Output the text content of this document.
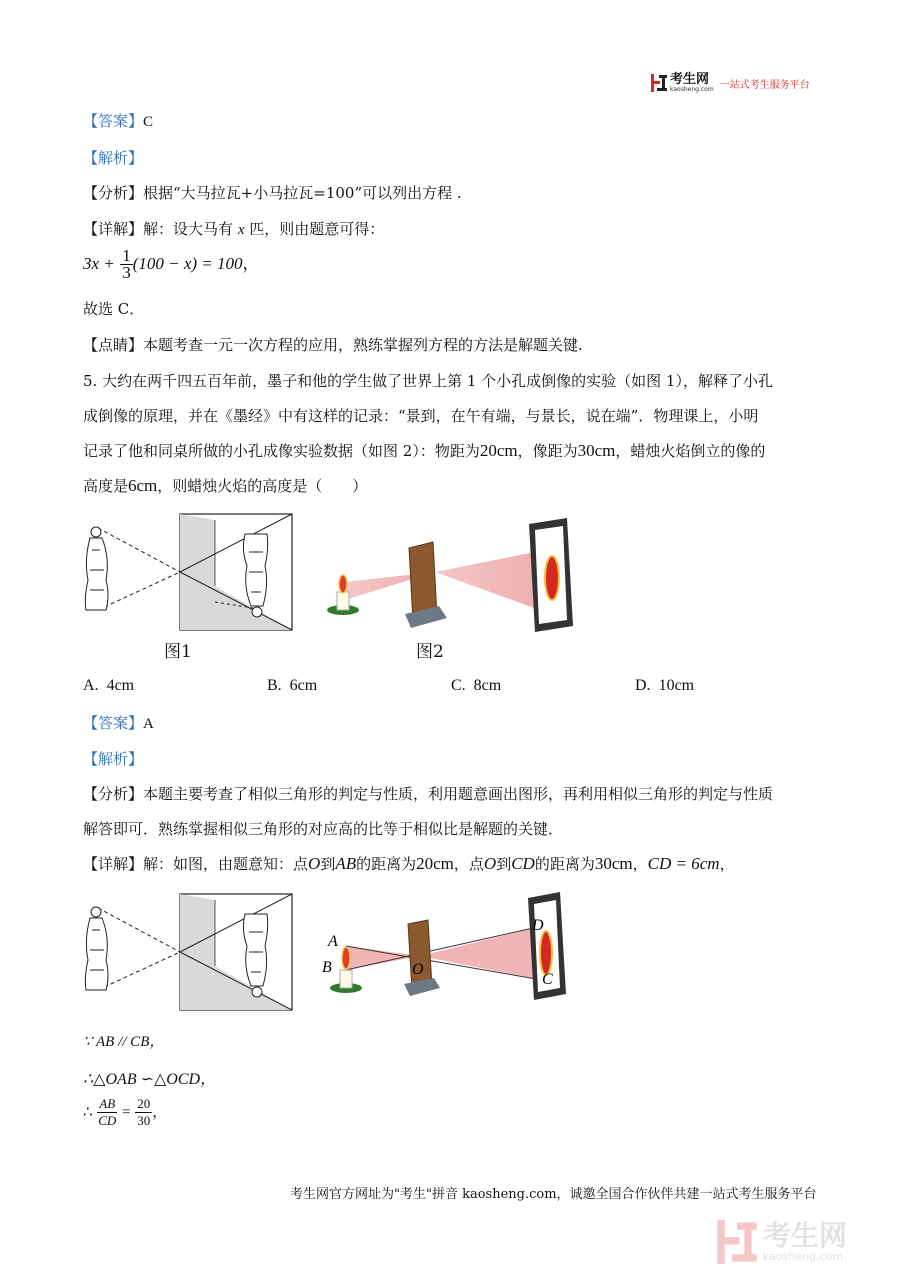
考生网
kaosheng.com 一站式考生服务平台
【答案】C
【解析】
【分析】根据“大马拉瓦+小马拉瓦=100”可以列出方程 .
【详解】解：设大马有 x 匹，则由题意可得：
$3x + \frac{1}{3} (100 - x) = 100$，
故选 C．
【点睛】本题考查一元一次方程的应用，熟练掌握列方程的方法是解题关键.
5. 大约在两千四五百年前，墨子和他的学生做了世界上第 1 个小孔成倒像的实验（如图 1），解释了小孔
成倒像的原理，并在《墨经》中有这样的记录：“景到，在午有端，与景长，说在端”．物理课上，小明
记录了他和同桌所做的小孔成像实验数据（如图 2）：物距为20cm，像距为30cm，蜡烛火焰倒立的像的
高度是6cm，则蜡烛火焰的高度是（　　）
图1	图2
A. 4cm	B. 6cm	C. 8cm	D. 10cm
【答案】A
【解析】
【分析】本题主要考查了相似三角形的判定与性质，利用题意画出图形，再利用相似三角形的判定与性质
解答即可．熟练掌握相似三角形的对应高的比等于相似比是解题的关键．
【详解】解：如图，由题意知：点O到AB的距离为20cm，点O到CD的距离为30cm，CD = 6cm，
A
B	O
D
C
∵ AB // CB，
∴△OAB ∽△OCD，
∴ $\frac{AB}{CD} = \frac{20}{30}$ ，
考生网官方网址为"考生"拼音 kaosheng.com，诚邀全国合作伙伴共建一站式考生服务平台
考生网
kaosheng.com
